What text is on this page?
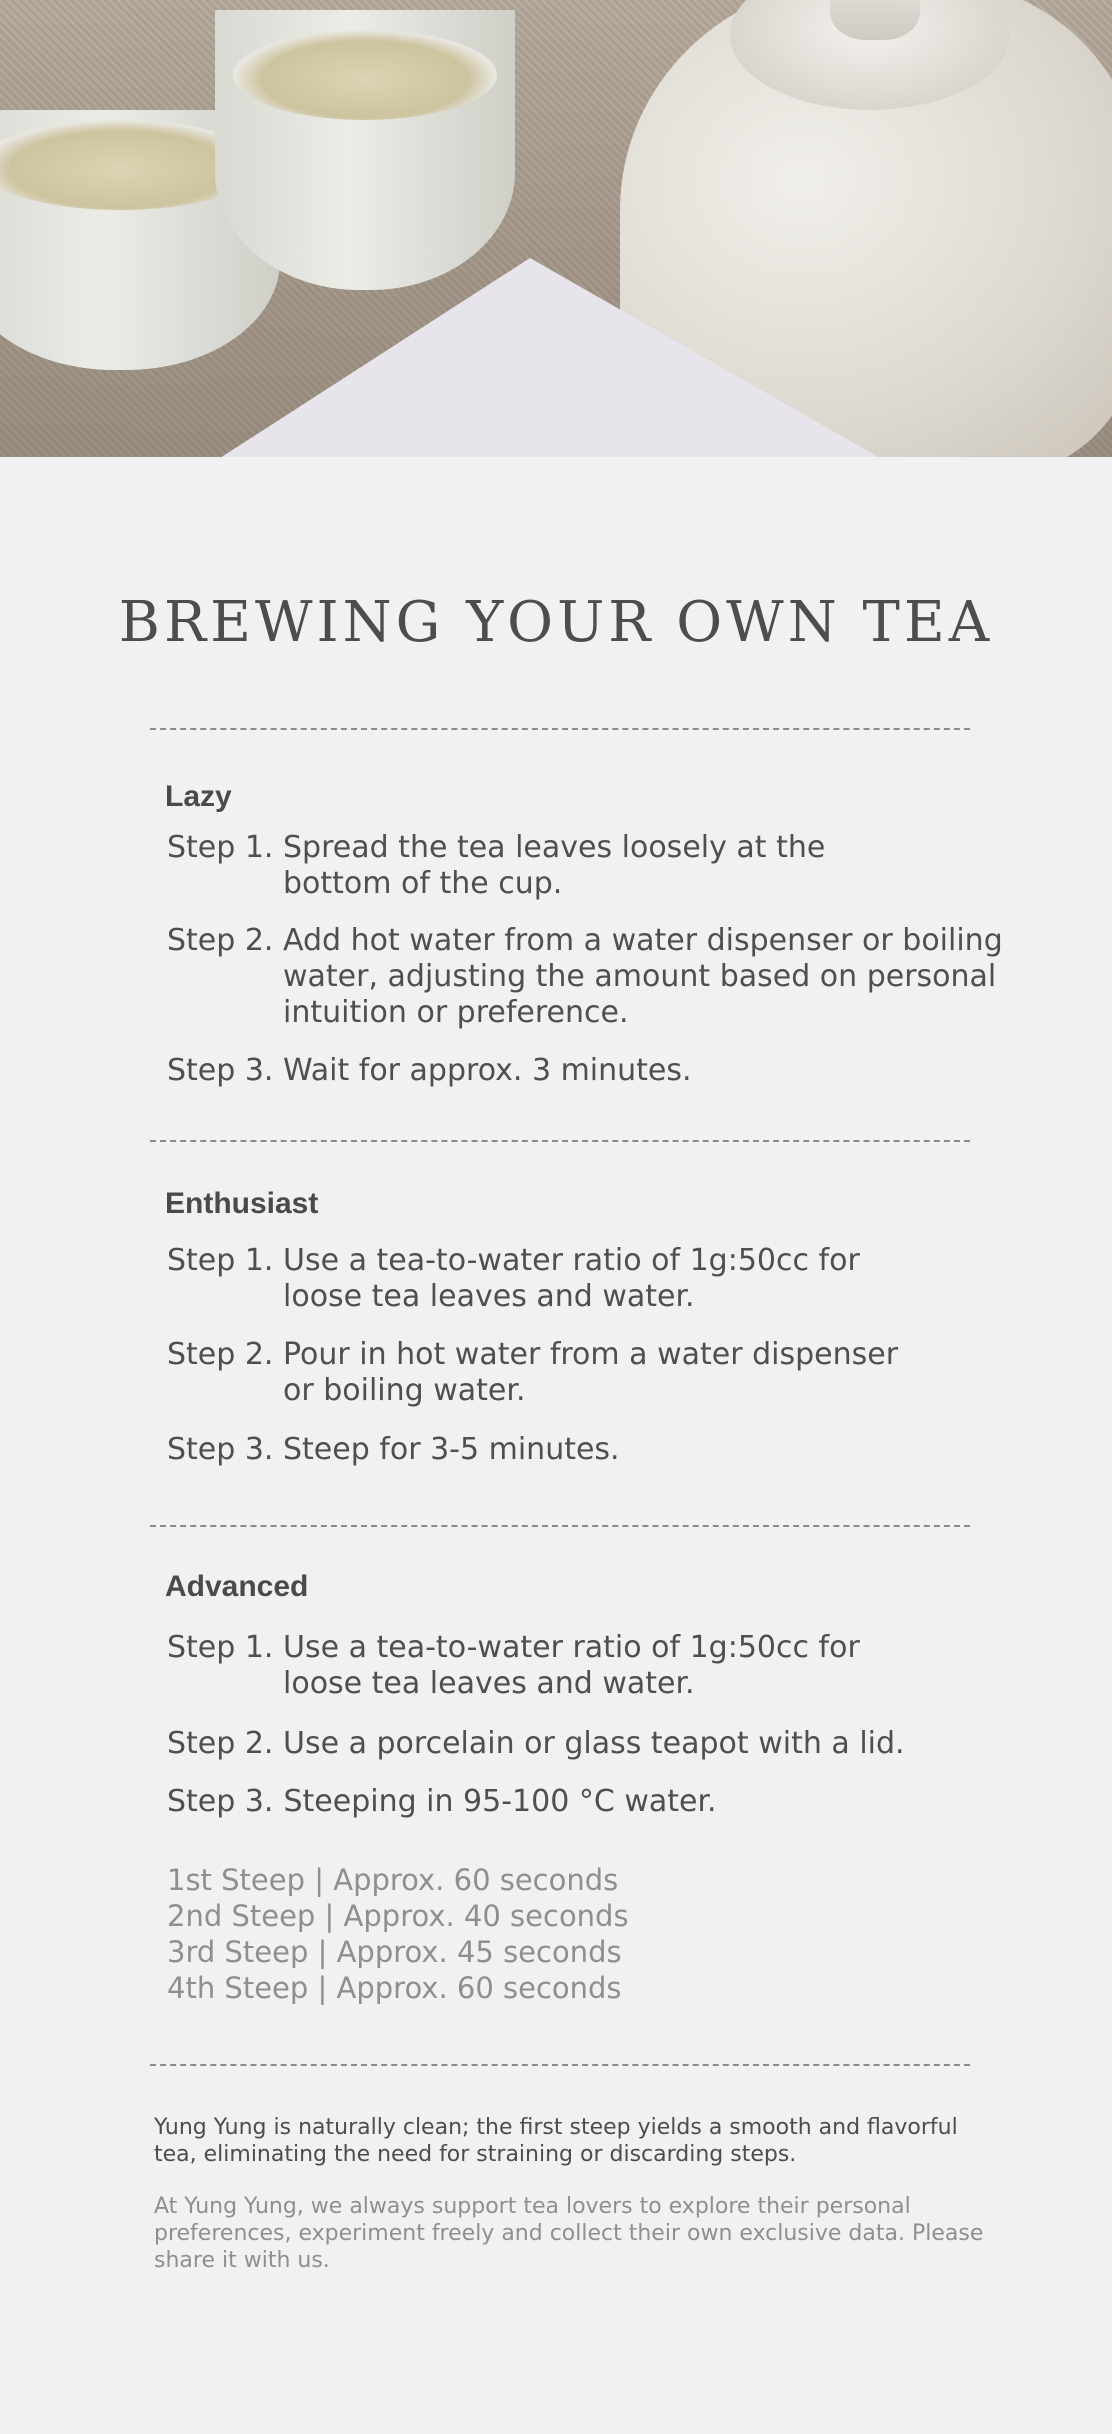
BREWING YOUR OWN TEA
Lazy
Step 1. Spread the tea leaves loosely at the bottom of the cup.
Step 2. Add hot water from a water dispenser or boiling water, adjusting the amount based on personal intuition or preference.
Step 3. Wait for approx. 3 minutes.
Enthusiast
Step 1. Use a tea-to-water ratio of 1g:50cc for loose tea leaves and water.
Step 2. Pour in hot water from a water dispenser or boiling water.
Step 3. Steep for 3-5 minutes.
Advanced
Step 1. Use a tea-to-water ratio of 1g:50cc for loose tea leaves and water.
Step 2. Use a porcelain or glass teapot with a lid.
Step 3. Steeping in 95-100 °C water.
1st Steep | Approx. 60 seconds
2nd Steep | Approx. 40 seconds
3rd Steep | Approx. 45 seconds
4th Steep | Approx. 60 seconds

Yung Yung is naturally clean; the first steep yields a smooth and flavorful tea, eliminating the need for straining or discarding steps.

At Yung Yung, we always support tea lovers to explore their personal preferences, experiment freely and collect their own exclusive data. Please share it with us.
